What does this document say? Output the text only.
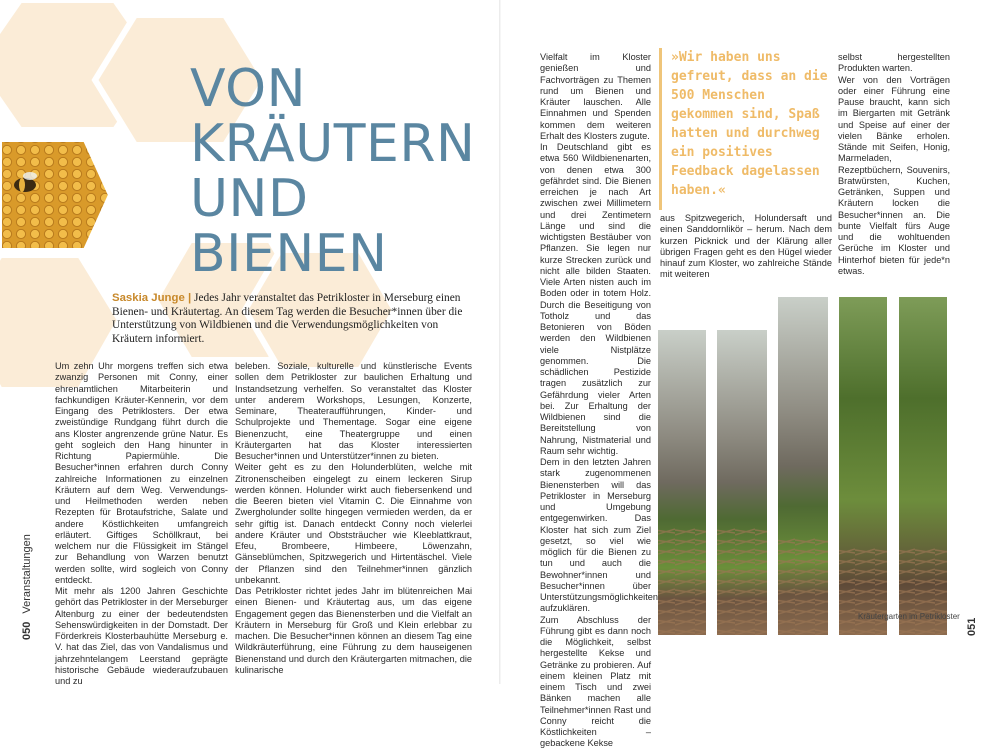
VON
KRÄUTERN
UND
BIENEN

Saskia Junge | Jedes Jahr veranstaltet das Petrikloster in Merseburg einen Bienen- und Kräutertag. An diesem Tag werden die Besucher*innen über die Unterstützung von Wildbienen und die Verwendungsmöglichkeiten von Kräutern informiert.

Um zehn Uhr morgens treffen sich etwa zwanzig Personen mit Conny, einer ehrenamtlichen Mitarbeiterin und fachkundigen Kräuter-Kennerin, vor dem Eingang des Petriklosters. Der etwa zweistündige Rundgang führt durch die ans Kloster angrenzende grüne Natur. Es geht sogleich den Hang hinunter in Richtung Papiermühle. Die Besucher*innen erfahren durch Conny zahlreiche Informationen zu einzelnen Kräutern auf dem Weg. Verwendungs- und Heilmethoden werden neben Rezepten für Brotaufstriche, Salate und andere Köstlichkeiten umfangreich erläutert. Giftiges Schöllkraut, bei welchem nur die Flüssigkeit im Stängel zur Behandlung von Warzen benutzt werden sollte, wird sogleich von Conny entdeckt.

Mit mehr als 1200 Jahren Geschichte gehört das Petrikloster in der Merseburger Altenburg zu einer der bedeutendsten Sehenswürdigkeiten in der Domstadt. Der Förderkreis Klosterbauhütte Merseburg e. V. hat das Ziel, das von Vandalismus und jahrzehntelangem Leerstand geprägte historische Gebäude wiederaufzubauen und zu

beleben. Soziale, kulturelle und künstlerische Events sollen dem Petrikloster zur baulichen Erhaltung und Instandsetzung verhelfen. So veranstaltet das Kloster unter anderem Workshops, Lesungen, Konzerte, Seminare, Theateraufführungen, Kinder- und Schulprojekte und Thementage. Sogar eine eigene Bienenzucht, eine Theatergruppe und einen Kräutergarten hat das Kloster interessierten Besucher*innen und Unterstützer*innen zu bieten.

Weiter geht es zu den Holunderblüten, welche mit Zitronenscheiben eingelegt zu einem leckeren Sirup werden können. Holunder wirkt auch fiebersenkend und die Beeren bieten viel Vitamin C. Die Einnahme von Zwergholunder sollte hingegen vermieden werden, da er sehr giftig ist. Danach entdeckt Conny noch vielerlei andere Kräuter und Obststräucher wie Kleeblattkraut, Efeu, Brombeere, Himbeere, Löwenzahn, Gänseblümchen, Spitzwegerich und Hirtentäschel. Viele der Pflanzen sind den Teilnehmer*innen gänzlich unbekannt.

Das Petrikloster richtet jedes Jahr im blütenreichen Mai einen Bienen- und Kräutertag aus, um das eigene Engagement gegen das Bienensterben und die Vielfalt an Kräutern in Merseburg für Groß und Klein erlebbar zu machen. Die Besucher*innen können an diesem Tag eine Wildkräuterführung, eine Führung zu dem hauseigenen Bienenstand und durch den Kräutergarten mitmachen, die kulinarische

050Veranstaltungen

Vielfalt im Kloster genießen und Fachvorträgen zu Themen rund um Bienen und Kräuter lauschen. Alle Einnahmen und Spenden kommen dem weiteren Erhalt des Klosters zugute.

In Deutschland gibt es etwa 560 Wildbienenarten, von denen etwa 300 gefährdet sind. Die Bienen erreichen je nach Art zwischen zwei Millimetern und drei Zentimetern Länge und sind die wichtigsten Bestäuber von Pflanzen. Sie legen nur kurze Strecken zurück und nicht alle bilden Staaten. Viele Arten nisten auch im Boden oder in totem Holz. Durch die Beseitigung von Totholz und das Betonieren von Böden werden den Wildbienen viele Nistplätze genommen. Die schädlichen Pestizide tragen zusätzlich zur Gefährdung vieler Arten bei. Zur Erhaltung der Wildbienen sind die Bereitstellung von Nahrung, Nistmaterial und Raum sehr wichtig.

Dem in den letzten Jahren stark zugenommenen Bienensterben will das Petrikloster in Merseburg und Umgebung entgegenwirken. Das Kloster hat sich zum Ziel gesetzt, so viel wie möglich für die Bienen zu tun und auch die Bewohner*innen und Besucher*innen über Unterstützungsmöglichkeiten aufzuklären.

Zum Abschluss der Führung gibt es dann noch die Möglichkeit, selbst hergestellte Kekse und Getränke zu probieren. Auf einem kleinen Platz mit einem Tisch und zwei Bänken machen alle Teilnehmer*innen Rast und Conny reicht die Köstlichkeiten – gebackene Kekse

»Wir haben uns gefreut, dass an die 500 Menschen gekommen sind, Spaß hatten und durchweg ein positives Feedback dagelassen haben.«

aus Spitzwegerich, Holundersaft und einen Sanddornlikör – herum. Nach dem kurzen Picknick und der Klärung aller übrigen Fragen geht es den Hügel wieder hinauf zum Kloster, wo zahlreiche Stände mit weiteren

selbst hergestellten Produkten warten.

Wer von den Vorträgen oder einer Führung eine Pause braucht, kann sich im Biergarten mit Getränk und Speise auf einer der vielen Bänke erholen. Stände mit Seifen, Honig, Marmeladen, Rezeptbüchern, Souvenirs, Bratwürsten, Kuchen, Getränken, Suppen und Kräutern locken die Besucher*innen an. Die bunte Vielfalt fürs Auge und die wohltuenden Gerüche im Kloster und Hinterhof bieten für jede*n etwas.

Kräutergarten im Petrikloster
051
